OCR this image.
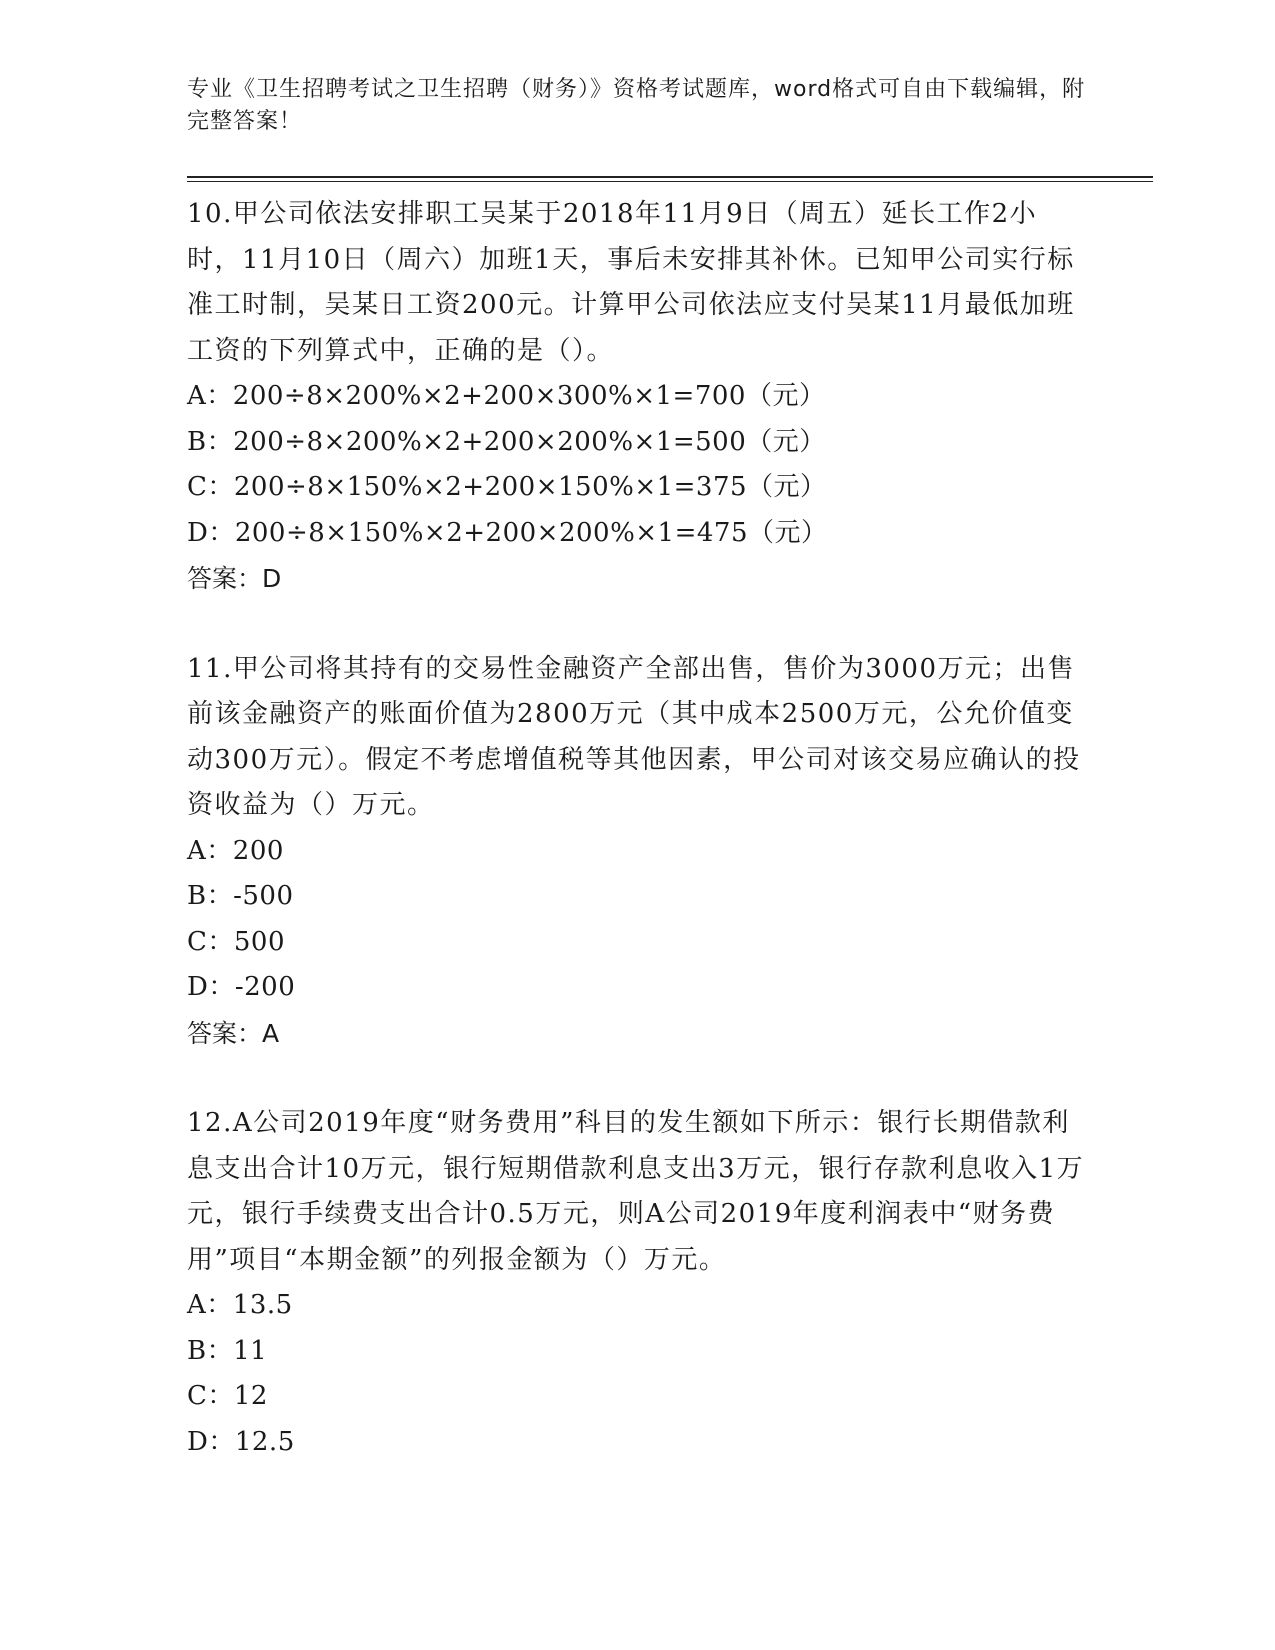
专业《卫生招聘考试之卫生招聘（财务）》资格考试题库，word格式可自由下载编辑，附完整答案！

10.甲公司依法安排职工吴某于2018年11月9日（周五）延长工作2小时，11月10日（周六）加班1天，事后未安排其补休。已知甲公司实行标准工时制，吴某日工资200元。计算甲公司依法应支付吴某11月最低加班工资的下列算式中，正确的是（）。

A：200÷8×200%×2+200×300%×1=700（元）

B：200÷8×200%×2+200×200%×1=500（元）

C：200÷8×150%×2+200×150%×1=375（元）

D：200÷8×150%×2+200×200%×1=475（元）

答案：D

11.甲公司将其持有的交易性金融资产全部出售，售价为3000万元；出售前该金融资产的账面价值为2800万元（其中成本2500万元，公允价值变动300万元）。假定不考虑增值税等其他因素，甲公司对该交易应确认的投资收益为（）万元。

A：200

B：-500

C：500

D：-200

答案：A

12.A公司2019年度“财务费用”科目的发生额如下所示：银行长期借款利息支出合计10万元，银行短期借款利息支出3万元，银行存款利息收入1万元，银行手续费支出合计0.5万元，则A公司2019年度利润表中“财务费用”项目“本期金额”的列报金额为（）万元。

A：13.5

B：11

C：12

D：12.5
